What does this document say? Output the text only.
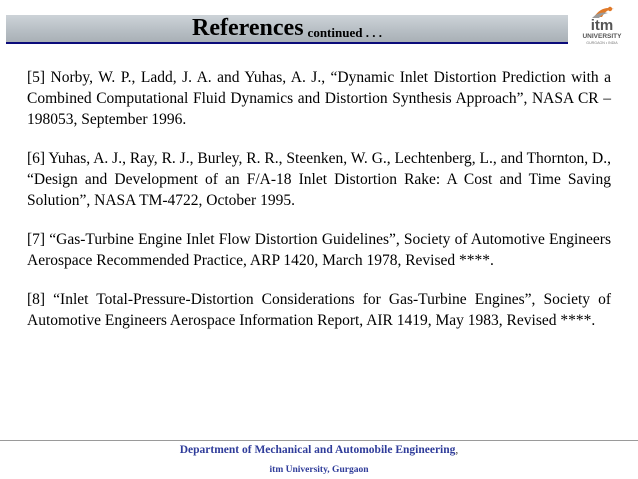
References continued . . .	itm
UNIVERSITY
GURGAON • INDIA

[5] Norby, W. P., Ladd, J. A. and Yuhas, A. J., “Dynamic Inlet Distortion Prediction with a Combined Computational Fluid Dynamics and Distortion Synthesis Approach”, NASA CR – 198053, September 1996.

[6] Yuhas, A. J., Ray, R. J., Burley, R. R., Steenken, W. G., Lechtenberg, L., and Thornton, D., “Design and Development of an F/A-18 Inlet Distortion Rake: A Cost and Time Saving Solution”, NASA TM-4722, October 1995.

[7] “Gas-Turbine Engine Inlet Flow Distortion Guidelines”, Society of Automotive Engineers Aerospace Recommended Practice, ARP 1420, March 1978, Revised ****.

[8] “Inlet Total-Pressure-Distortion Considerations for Gas-Turbine Engines”, Society of Automotive Engineers Aerospace Information Report, AIR 1419, May 1983, Revised ****.

Department of Mechanical and Automobile Engineering,
itm University, Gurgaon
